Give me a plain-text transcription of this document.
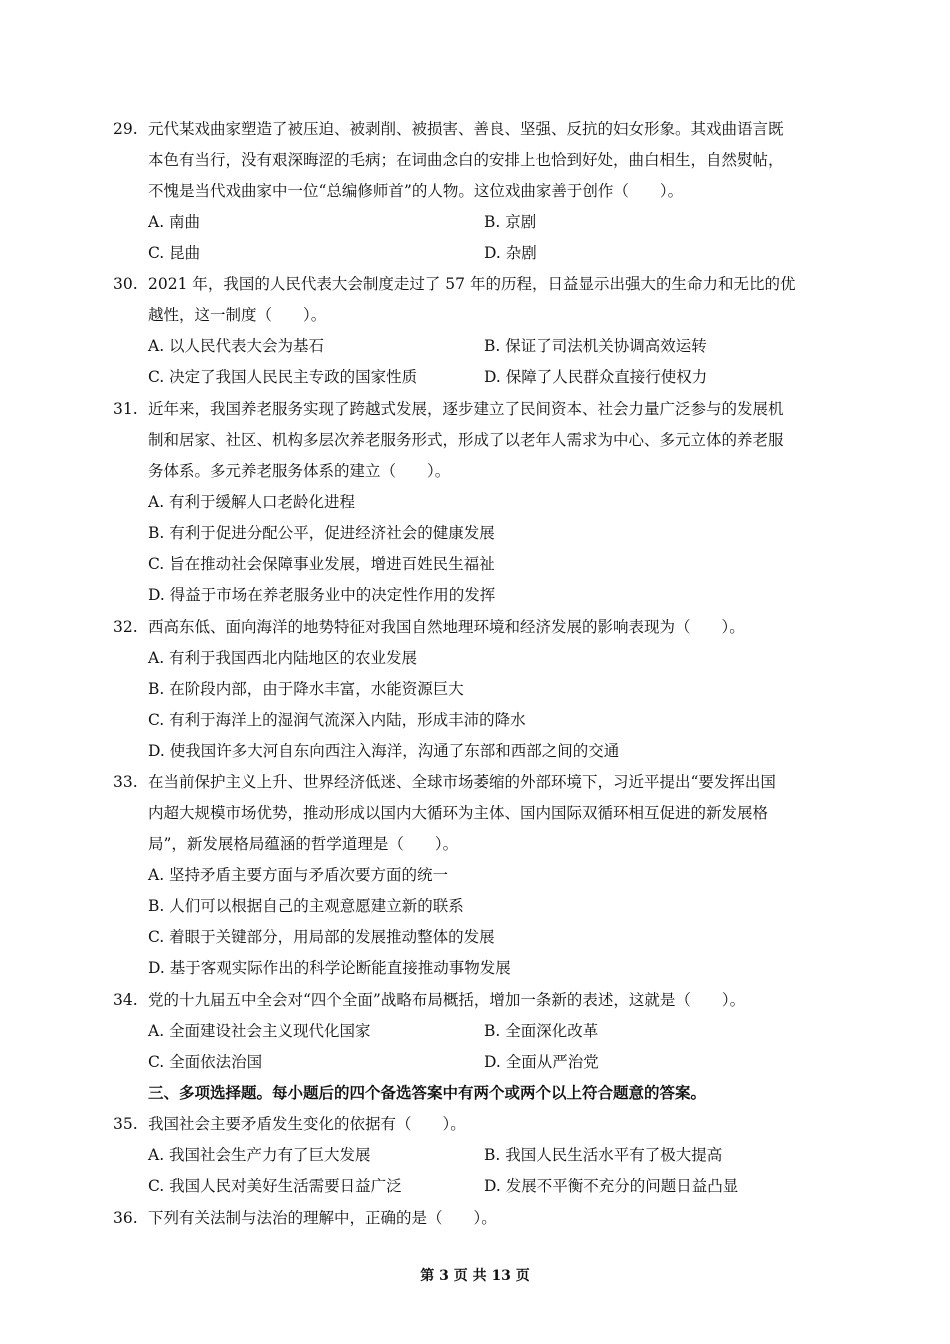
29. 元代某戏曲家塑造了被压迫、被剥削、被损害、善良、坚强、反抗的妇女形象。其戏曲语言既
本色有当行，没有艰深晦涩的毛病；在词曲念白的安排上也恰到好处，曲白相生，自然熨帖，
不愧是当代戏曲家中一位“总编修师首”的人物。这位戏曲家善于创作（　　）。
A. 南曲	B. 京剧
C. 昆曲	D. 杂剧
30. 2021 年，我国的人民代表大会制度走过了 57 年的历程，日益显示出强大的生命力和无比的优
越性，这一制度（　　）。
A. 以人民代表大会为基石	B. 保证了司法机关协调高效运转
C. 决定了我国人民民主专政的国家性质	D. 保障了人民群众直接行使权力
31. 近年来，我国养老服务实现了跨越式发展，逐步建立了民间资本、社会力量广泛参与的发展机
制和居家、社区、机构多层次养老服务形式，形成了以老年人需求为中心、多元立体的养老服
务体系。多元养老服务体系的建立（　　）。
A. 有利于缓解人口老龄化进程
B. 有利于促进分配公平，促进经济社会的健康发展
C. 旨在推动社会保障事业发展，增进百姓民生福祉
D. 得益于市场在养老服务业中的决定性作用的发挥
32. 西高东低、面向海洋的地势特征对我国自然地理环境和经济发展的影响表现为（　　）。
A. 有利于我国西北内陆地区的农业发展
B. 在阶段内部，由于降水丰富，水能资源巨大
C. 有利于海洋上的湿润气流深入内陆，形成丰沛的降水
D. 使我国许多大河自东向西注入海洋，沟通了东部和西部之间的交通
33. 在当前保护主义上升、世界经济低迷、全球市场萎缩的外部环境下，习近平提出“要发挥出国
内超大规模市场优势，推动形成以国内大循环为主体、国内国际双循环相互促进的新发展格
局”，新发展格局蕴涵的哲学道理是（　　）。
A. 坚持矛盾主要方面与矛盾次要方面的统一
B. 人们可以根据自己的主观意愿建立新的联系
C. 着眼于关键部分，用局部的发展推动整体的发展
D. 基于客观实际作出的科学论断能直接推动事物发展
34. 党的十九届五中全会对“四个全面”战略布局概括，增加一条新的表述，这就是（　　）。
A. 全面建设社会主义现代化国家	B. 全面深化改革
C. 全面依法治国	D. 全面从严治党
三、多项选择题。每小题后的四个备选答案中有两个或两个以上符合题意的答案。
35. 我国社会主要矛盾发生变化的依据有（　　）。
A. 我国社会生产力有了巨大发展	B. 我国人民生活水平有了极大提高
C. 我国人民对美好生活需要日益广泛	D. 发展不平衡不充分的问题日益凸显
36. 下列有关法制与法治的理解中，正确的是（　　）。
第 3 页 共 13 页
